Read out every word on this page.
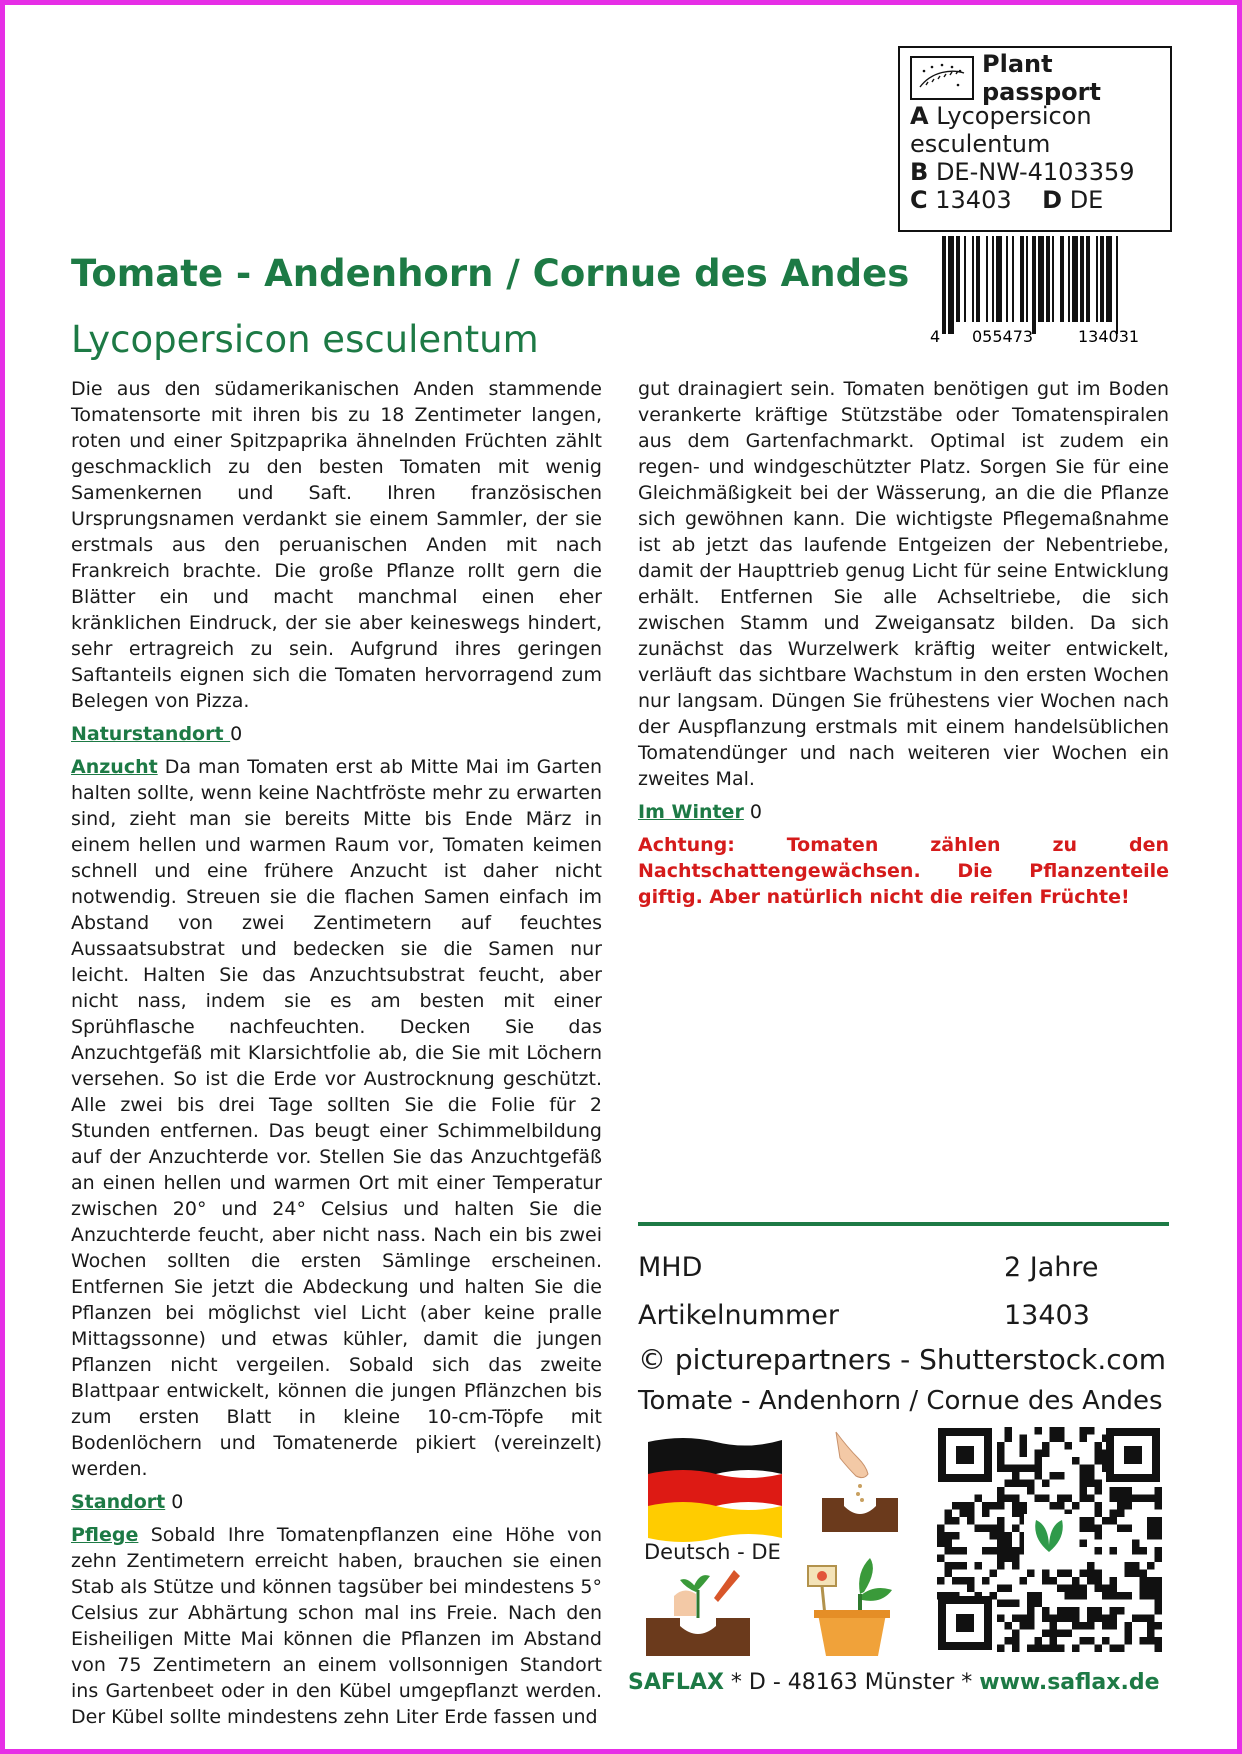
Plant passport
A Lycopersicon esculentum
B DE-NW-4103359
C 13403 D DE
4 055473	134031
Tomate - Andenhorn / Cornue des Andes
Lycopersicon esculentum

Die aus den südamerikanischen Anden stammende Tomatensorte mit ihren bis zu 18 Zentimeter langen, roten und einer Spitzpaprika ähnelnden Früchten zählt geschmacklich zu den besten Tomaten mit wenig Samenkernen und Saft. Ihren französischen Ursprungsnamen verdankt sie einem Sammler, der sie erstmals aus den peruanischen Anden mit nach Frankreich brachte. Die große Pflanze rollt gern die Blätter ein und macht manchmal einen eher kränklichen Eindruck, der sie aber keineswegs hindert, sehr ertragreich zu sein. Aufgrund ihres geringen Saftanteils eignen sich die Tomaten hervorragend zum Belegen von Pizza.

Naturstandort 0

Anzucht Da man Tomaten erst ab Mitte Mai im Garten halten sollte, wenn keine Nachtfröste mehr zu erwarten sind, zieht man sie bereits Mitte bis Ende März in einem hellen und warmen Raum vor, Tomaten keimen schnell und eine frühere Anzucht ist daher nicht notwendig. Streuen sie die flachen Samen einfach im Abstand von zwei Zentimetern auf feuchtes Aussaatsubstrat und bedecken sie die Samen nur leicht. Halten Sie das Anzuchtsubstrat feucht, aber nicht nass, indem sie es am besten mit einer Sprühflasche nachfeuchten. Decken Sie das Anzuchtgefäß mit Klarsichtfolie ab, die Sie mit Löchern versehen. So ist die Erde vor Austrocknung geschützt. Alle zwei bis drei Tage sollten Sie die Folie für 2 Stunden entfernen. Das beugt einer Schimmelbildung auf der Anzuchterde vor. Stellen Sie das Anzuchtgefäß an einen hellen und warmen Ort mit einer Temperatur zwischen 20° und 24° Celsius und halten Sie die Anzuchterde feucht, aber nicht nass. Nach ein bis zwei Wochen sollten die ersten Sämlinge erscheinen. Entfernen Sie jetzt die Abdeckung und halten Sie die Pflanzen bei möglichst viel Licht (aber keine pralle Mittagssonne) und etwas kühler, damit die jungen Pflanzen nicht vergeilen. Sobald sich das zweite Blattpaar entwickelt, können die jungen Pflänzchen bis zum ersten Blatt in kleine 10-cm-Töpfe mit Bodenlöchern und Tomatenerde pikiert (vereinzelt) werden.

Standort 0

Pflege Sobald Ihre Tomatenpflanzen eine Höhe von zehn Zentimetern erreicht haben, brauchen sie einen Stab als Stütze und können tagsüber bei mindestens 5° Celsius zur Abhärtung schon mal ins Freie. Nach den Eisheiligen Mitte Mai können die Pflanzen im Abstand von 75 Zentimetern an einem vollsonnigen Standort ins Gartenbeet oder in den Kübel umgepflanzt werden. Der Kübel sollte mindestens zehn Liter Erde fassen und

gut drainagiert sein. Tomaten benötigen gut im Boden verankerte kräftige Stützstäbe oder Tomatenspiralen aus dem Gartenfachmarkt. Optimal ist zudem ein regen- und windgeschützter Platz. Sorgen Sie für eine Gleichmäßigkeit bei der Wässerung, an die die Pflanze sich gewöhnen kann. Die wichtigste Pflegemaßnahme ist ab jetzt das laufende Entgeizen der Nebentriebe, damit der Haupttrieb genug Licht für seine Entwicklung erhält. Entfernen Sie alle Achseltriebe, die sich zwischen Stamm und Zweigansatz bilden. Da sich zunächst das Wurzelwerk kräftig weiter entwickelt, verläuft das sichtbare Wachstum in den ersten Wochen nur langsam. Düngen Sie frühestens vier Wochen nach der Auspflanzung erstmals mit einem handelsüblichen Tomatendünger und nach weiteren vier Wochen ein zweites Mal.

Im Winter 0

Achtung: Tomaten zählen zu den Nachtschattengewächsen. Die Pflanzenteile giftig. Aber natürlich nicht die reifen Früchte!

MHD	2 Jahre
Artikelnummer	13403
© picturepartners - Shutterstock.com
Tomate - Andenhorn / Cornue des Andes
Deutsch - DE
SAFLAX * D - 48163 Münster * www.saflax.de
